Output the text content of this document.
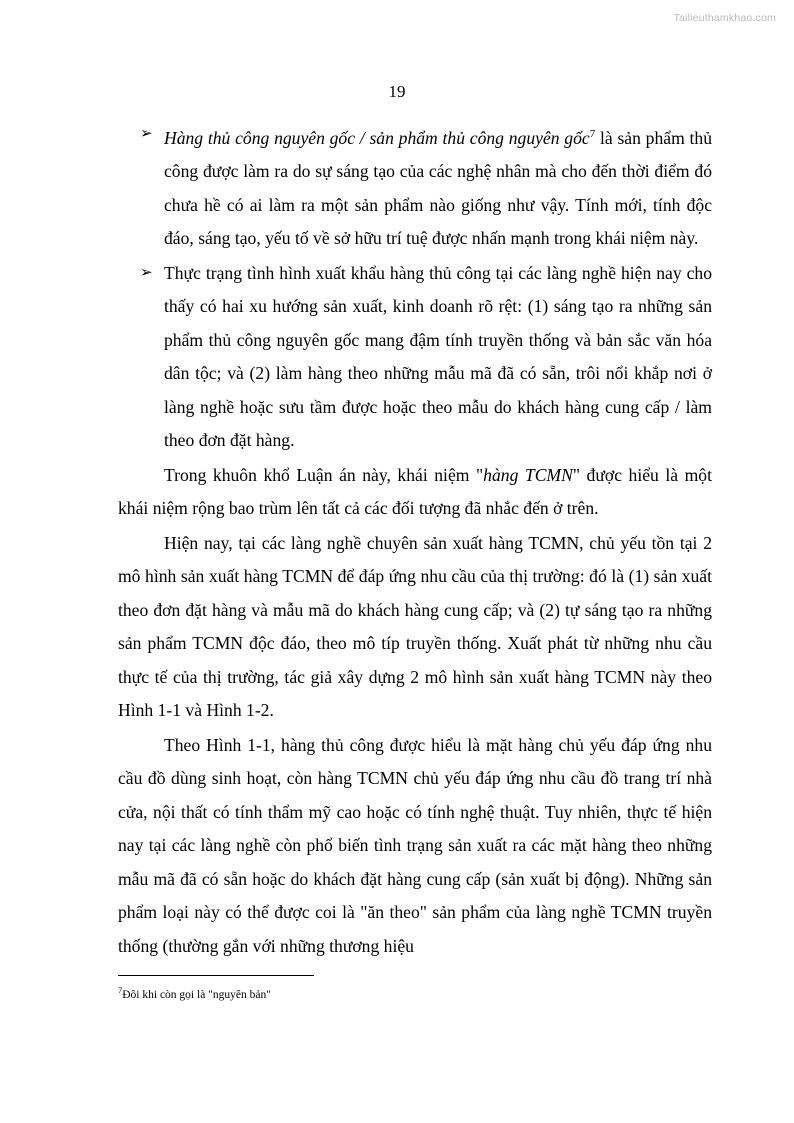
Tailieuthamkhao.com
19

➢ Hàng thủ công nguyên gốc / sản phẩm thủ công nguyên gốc$^7$ là sản phẩm thủ công được làm ra do sự sáng tạo của các nghệ nhân mà cho đến thời điểm đó chưa hề có ai làm ra một sản phẩm nào giống như vậy. Tính mới, tính độc đáo, sáng tạo, yếu tố về sở hữu trí tuệ được nhấn mạnh trong khái niệm này.

➢ Thực trạng tình hình xuất khẩu hàng thủ công tại các làng nghề hiện nay cho thấy có hai xu hướng sản xuất, kinh doanh rõ rệt: (1) sáng tạo ra những sản phẩm thủ công nguyên gốc mang đậm tính truyền thống và bản sắc văn hóa dân tộc; và (2) làm hàng theo những mẫu mã đã có sẵn, trôi nổi khắp nơi ở làng nghề hoặc sưu tầm được hoặc theo mẫu do khách hàng cung cấp / làm theo đơn đặt hàng.

Trong khuôn khổ Luận án này, khái niệm "hàng TCMN" được hiểu là một khái niệm rộng bao trùm lên tất cả các đối tượng đã nhắc đến ở trên.

Hiện nay, tại các làng nghề chuyên sản xuất hàng TCMN, chủ yếu tồn tại 2 mô hình sản xuất hàng TCMN để đáp ứng nhu cầu của thị trường: đó là (1) sản xuất theo đơn đặt hàng và mẫu mã do khách hàng cung cấp; và (2) tự sáng tạo ra những sản phẩm TCMN độc đáo, theo mô típ truyền thống. Xuất phát từ những nhu cầu thực tế của thị trường, tác giả xây dựng 2 mô hình sản xuất hàng TCMN này theo Hình 1-1 và Hình 1-2.

Theo Hình 1-1, hàng thủ công được hiểu là mặt hàng chủ yếu đáp ứng nhu cầu đồ dùng sinh hoạt, còn hàng TCMN chủ yếu đáp ứng nhu cầu đồ trang trí nhà cửa, nội thất có tính thẩm mỹ cao hoặc có tính nghệ thuật. Tuy nhiên, thực tế hiện nay tại các làng nghề còn phổ biến tình trạng sản xuất ra các mặt hàng theo những mẫu mã đã có sẵn hoặc do khách đặt hàng cung cấp (sản xuất bị động). Những sản phẩm loại này có thể được coi là "ăn theo" sản phẩm của làng nghề TCMN truyền thống (thường gắn với những thương hiệu

$^7$Đôi khi còn gọi là "nguyên bản"
